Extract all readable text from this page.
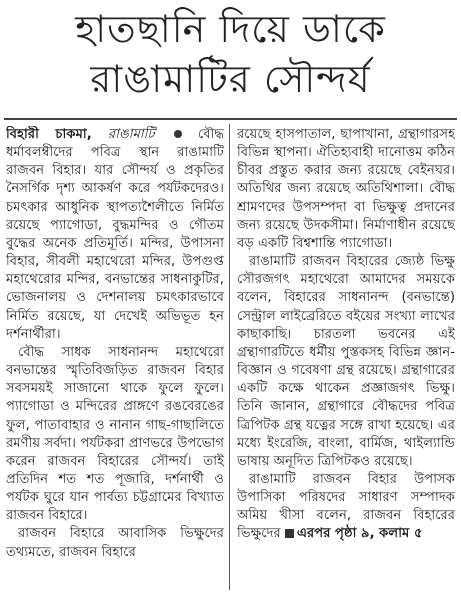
হাতছানি দিয়ে ডাকে
রাঙামাটির সৌন্দর্য
বিহারী চাকমা, রাঙামাটি	বৌদ্ধ ধর্মাবলম্বীদের পবিত্র স্থান রাঙামাটি রাজবন বিহার। যার সৌন্দর্য ও প্রকৃতির নৈসর্গিক দৃশ্য আকর্ষণ করে পর্যটকদেরও। চমৎকার আধুনিক স্থাপত্যশৈলীতে নির্মিত রয়েছে প্যাগোডা, বুদ্ধমন্দির ও গৌতম বুদ্ধের অনেক প্রতিমূর্তি। মন্দির, উপাসনা বিহার, সীবলী মহাথেরো মন্দির, উপগুপ্ত মহাথেরোর মন্দির, বনভান্তের সাধনাকুটির, ভোজনালয় ও দেশনালয় চমৎকারভাবে নির্মিত রয়েছে, যা দেখেই অভিভূত হন দর্শনার্থীরা।
বৌদ্ধ সাধক সাধনানন্দ মহাথেরো বনভান্তের স্মৃতিবিজড়িত রাজবন বিহার সবসময়ই সাজানো থাকে ফুলে ফুলে। প্যাগোডা ও মন্দিরের প্রাঙ্গণে রঙবেরঙের ফুল, পাতাবাহার ও নানান গাছ-গাছালিতে রমণীয় সর্বদা। পর্যটকরা প্রাণভরে উপভোগ করেন রাজবন বিহারের সৌন্দর্য। তাই প্রতিদিন শত শত পূজারি, দর্শনার্থী ও পর্যটক ঘুরে যান পার্বত্য চট্টগ্রামের বিখ্যাত রাজবন বিহারে।
রাজবন বিহারে আবাসিক ভিক্ষুদের তথ্যমতে, রাজবন বিহারে
রয়েছে হাসপাতাল, ছাপাখানা, গ্রন্থাগারসহ বিভিন্ন স্থাপনা। ঐতিহ্যবাহী দানোত্তম কঠিন চীবর প্রস্তুত করার জন্য রয়েছে বেইনঘর। অতিথির জন্য রয়েছে অতিথিশালা। বৌদ্ধ শ্রামণদের উপসম্পদা বা ভিক্ষুত্ব প্রদানের জন্য রয়েছে উদকসীমা। নির্মাণাধীন রয়েছে বড় একটি বিশ্বশান্তি প্যাগোডা।
রাঙামাটি রাজবন বিহারের জ্যেষ্ঠ ভিক্ষু সৌরজগৎ মহাথেরো আমাদের সময়কে বলেন, বিহারের সাধনানন্দ (বনভান্তে) সেন্ট্রাল লাইব্রেরিতে বইয়ের সংখ্যা লাখের কাছাকাছি। চারতলা ভবনের এই গ্রন্থাগারটিতে ধর্মীয় পুস্তকসহ বিভিন্ন জ্ঞান-বিজ্ঞান ও গবেষণা গ্রন্থ রয়েছে। গ্রন্থাগারের একটি কক্ষে থাকেন প্রজ্ঞাজগৎ ভিক্ষু। তিনি জানান, গ্রন্থাগারে বৌদ্ধদের পবিত্র ত্রিপিটক গ্রন্থ যত্নের সঙ্গে রাখা হয়েছে। এর মধ্যে ইংরেজি, বাংলা, বার্মিজ, থাইল্যান্ডি ভাষায় অনূদিত ত্রিপিটকও রয়েছে।
রাঙামাটি রাজবন বিহার উপাসক উপাসিকা পরিষদের সাধারণ সম্পাদক অমিয় খীসা বলেন, রাজবন বিহারের ভিক্ষুদের এরপর পৃষ্ঠা ৯, কলাম ৫
